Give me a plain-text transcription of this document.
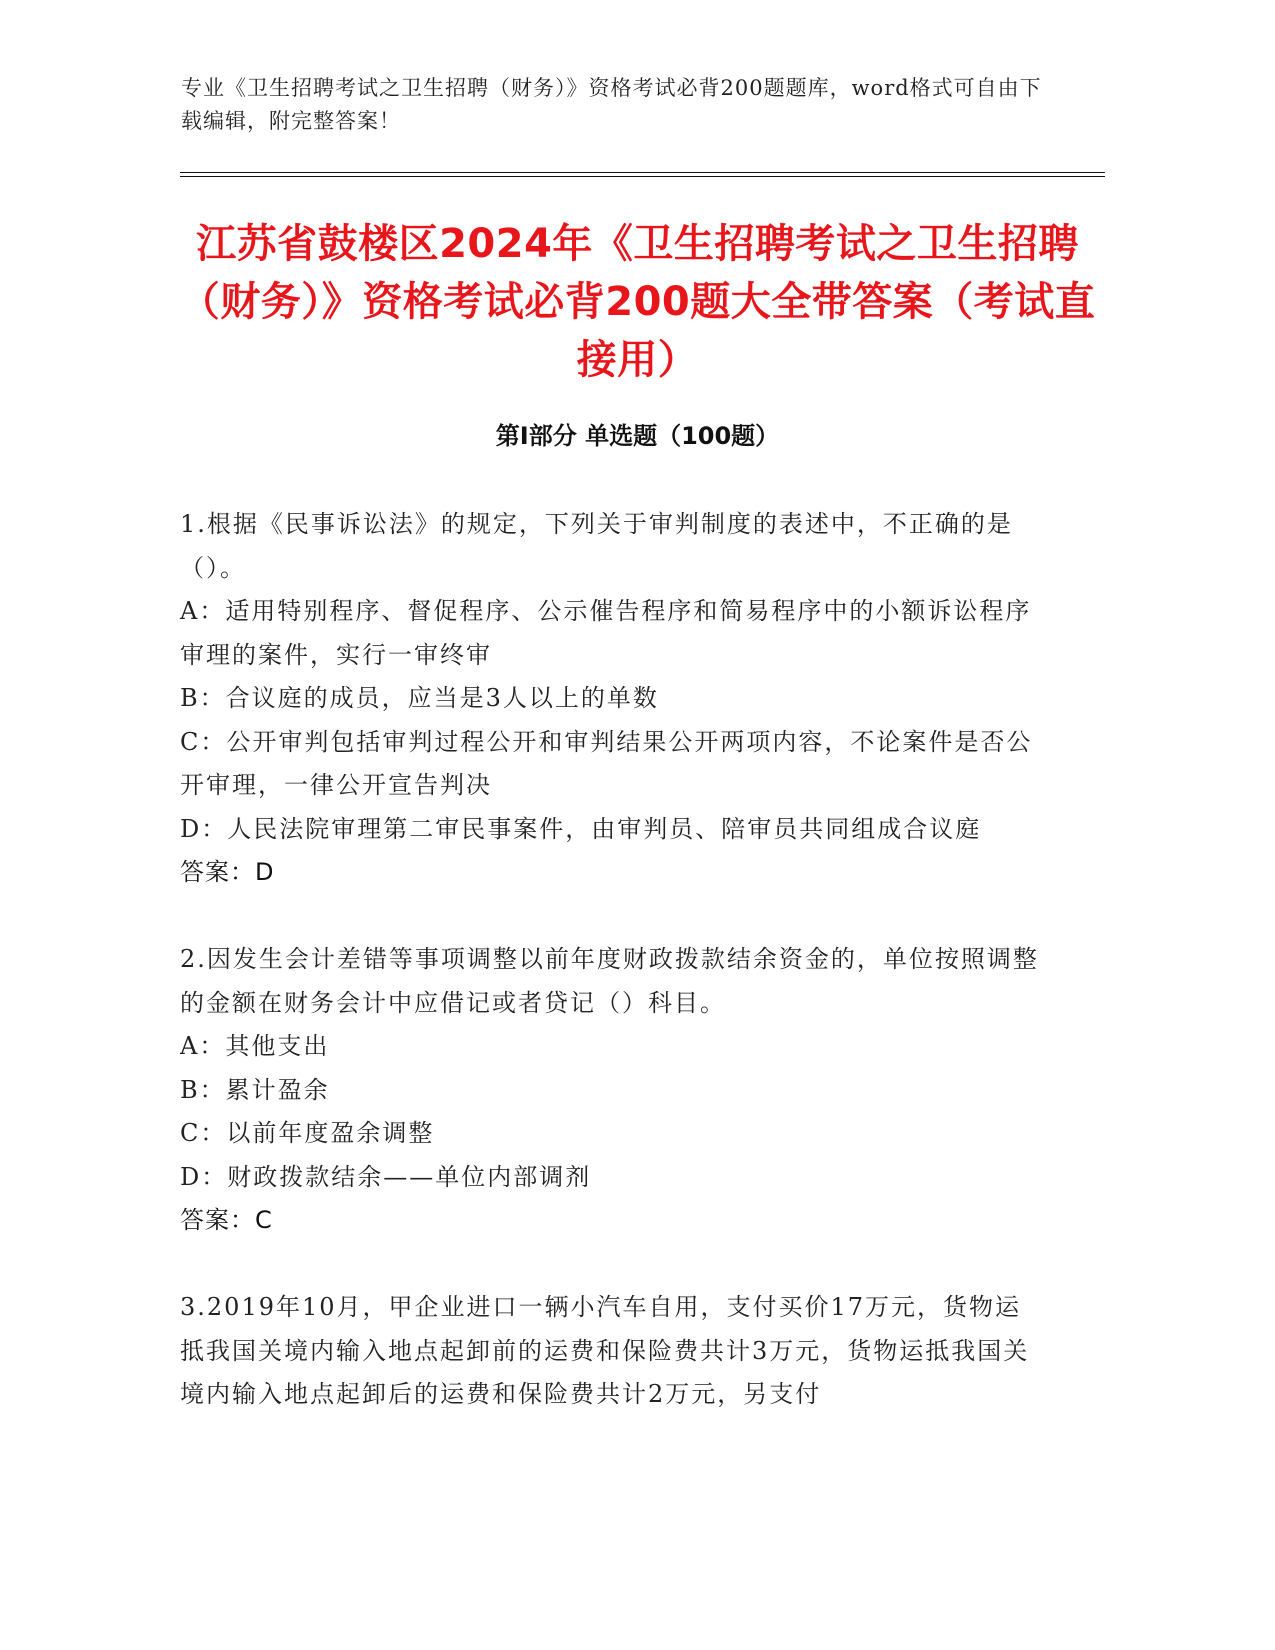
专业《卫生招聘考试之卫生招聘（财务）》资格考试必背200题题库，word格式可自由下载编辑，附完整答案！
江苏省鼓楼区2024年《卫生招聘考试之卫生招聘（财务）》资格考试必背200题大全带答案（考试直接用）
第I部分 单选题（100题）

1.根据《民事诉讼法》的规定，下列关于审判制度的表述中，不正确的是（）。

A：适用特别程序、督促程序、公示催告程序和简易程序中的小额诉讼程序审理的案件，实行一审终审

B：合议庭的成员，应当是3人以上的单数

C：公开审判包括审判过程公开和审判结果公开两项内容，不论案件是否公开审理，一律公开宣告判决

D：人民法院审理第二审民事案件，由审判员、陪审员共同组成合议庭

答案：D

2.因发生会计差错等事项调整以前年度财政拨款结余资金的，单位按照调整的金额在财务会计中应借记或者贷记（）科目。

A：其他支出

B：累计盈余

C：以前年度盈余调整

D：财政拨款结余——单位内部调剂

答案：C

3.2019年10月，甲企业进口一辆小汽车自用，支付买价17万元，货物运抵我国关境内输入地点起卸前的运费和保险费共计3万元，货物运抵我国关境内输入地点起卸后的运费和保险费共计2万元，另支付
